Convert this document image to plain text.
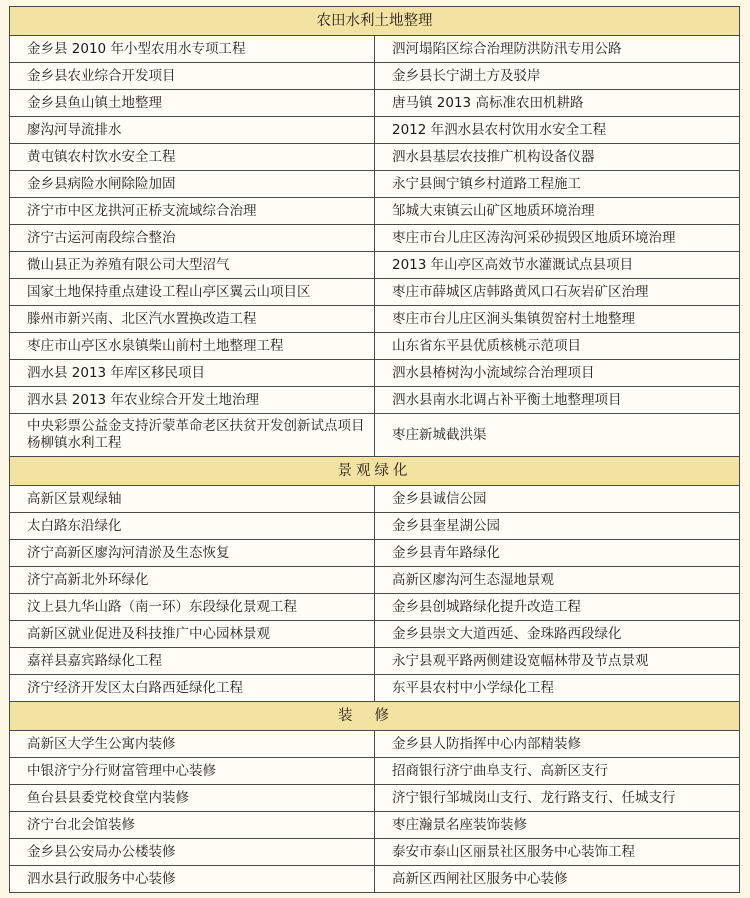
农田水利土地整理	
金乡县 2010 年小型农用水专项工程	泗河塌陷区综合治理防洪防汛专用公路
金乡县农业综合开发项目	金乡县长宁湖土方及驳岸
金乡县鱼山镇土地整理	唐马镇 2013 高标准农田机耕路
廖沟河导流排水	2012 年泗水县农村饮用水安全工程
黄屯镇农村饮水安全工程	泗水县基层农技推广机构设备仪器
金乡县病险水闸除险加固	永宁县闽宁镇乡村道路工程施工
济宁市中区龙拱河正桥支流域综合治理	邹城大束镇云山矿区地质环境治理
济宁古运河南段综合整治	枣庄市台儿庄区涛沟河采砂损毁区地质环境治理
微山县正为养殖有限公司大型沼气	2013 年山亭区高效节水灌溉试点县项目
国家土地保持重点建设工程山亭区翼云山项目区	枣庄市薛城区店韩路黄风口石灰岩矿区治理
滕州市新兴南、北区汽水置换改造工程	枣庄市台儿庄区涧头集镇贺窑村土地整理
枣庄市山亭区水泉镇柴山前村土地整理工程	山东省东平县优质核桃示范项目
泗水县 2013 年库区移民项目	泗水县椿树沟小流域综合治理项目
泗水县 2013 年农业综合开发土地治理	泗水县南水北调占补平衡土地整理项目
中央彩票公益金支持沂蒙革命老区扶贫开发创新试点项目杨柳镇水利工程	枣庄新城截洪渠
景观绿化	
高新区景观绿轴	金乡县诚信公园
太白路东沿绿化	金乡县奎星湖公园
济宁高新区廖沟河清淤及生态恢复	金乡县青年路绿化
济宁高新北外环绿化	高新区廖沟河生态湿地景观
汶上县九华山路（南一环）东段绿化景观工程	金乡县创城路绿化提升改造工程
高新区就业促进及科技推广中心园林景观	金乡县崇文大道西延、金珠路西段绿化
嘉祥县嘉宾路绿化工程	永宁县观平路两侧建设宽幅林带及节点景观
济宁经济开发区太白路西延绿化工程	东平县农村中小学绿化工程
装修	
高新区大学生公寓内装修	金乡县人防指挥中心内部精装修
中银济宁分行财富管理中心装修	招商银行济宁曲阜支行、高新区支行
鱼台县县委党校食堂内装修	济宁银行邹城岗山支行、龙行路支行、任城支行
济宁台北会馆装修	枣庄瀚景名座装饰装修
金乡县公安局办公楼装修	泰安市泰山区丽景社区服务中心装饰工程
泗水县行政服务中心装修	高新区西闸社区服务中心装修
